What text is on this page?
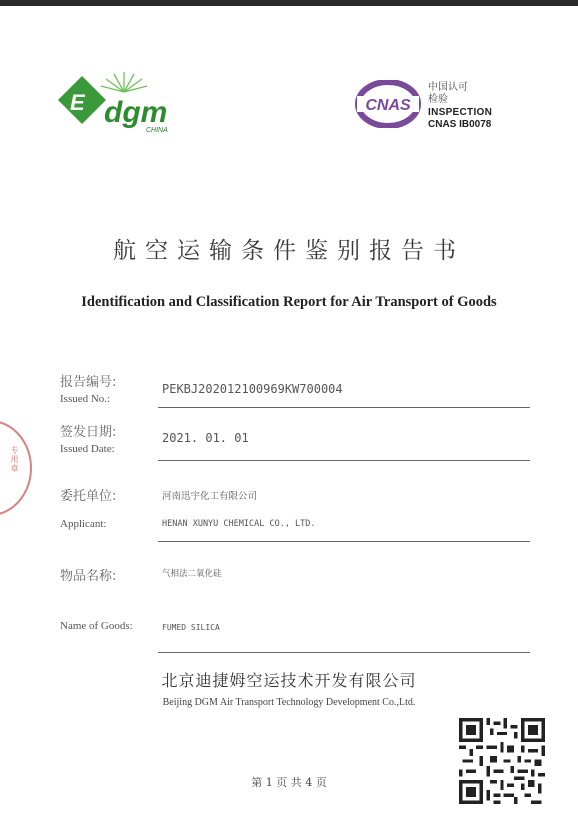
专用章
E dgm
CHINA
CNAS
中国认可
检验
INSPECTION
CNAS IB0078
航空运输条件鉴别报告书
Identification and Classification Report for Air Transport of Goods
报告编号:
Issued No.:
PEKBJ202012100969KW700004
签发日期:
Issued Date:
2021. 01. 01
委托单位:	河南迅宇化工有限公司
Applicant:	HENAN XUNYU CHEMICAL CO., LTD.
物品名称:	气相法二氧化硅
Name of Goods:	FUMED SILICA
北京迪捷姆空运技术开发有限公司
Beijing DGM Air Transport Technology Development Co.,Ltd.
第 1 页 共 4 页
